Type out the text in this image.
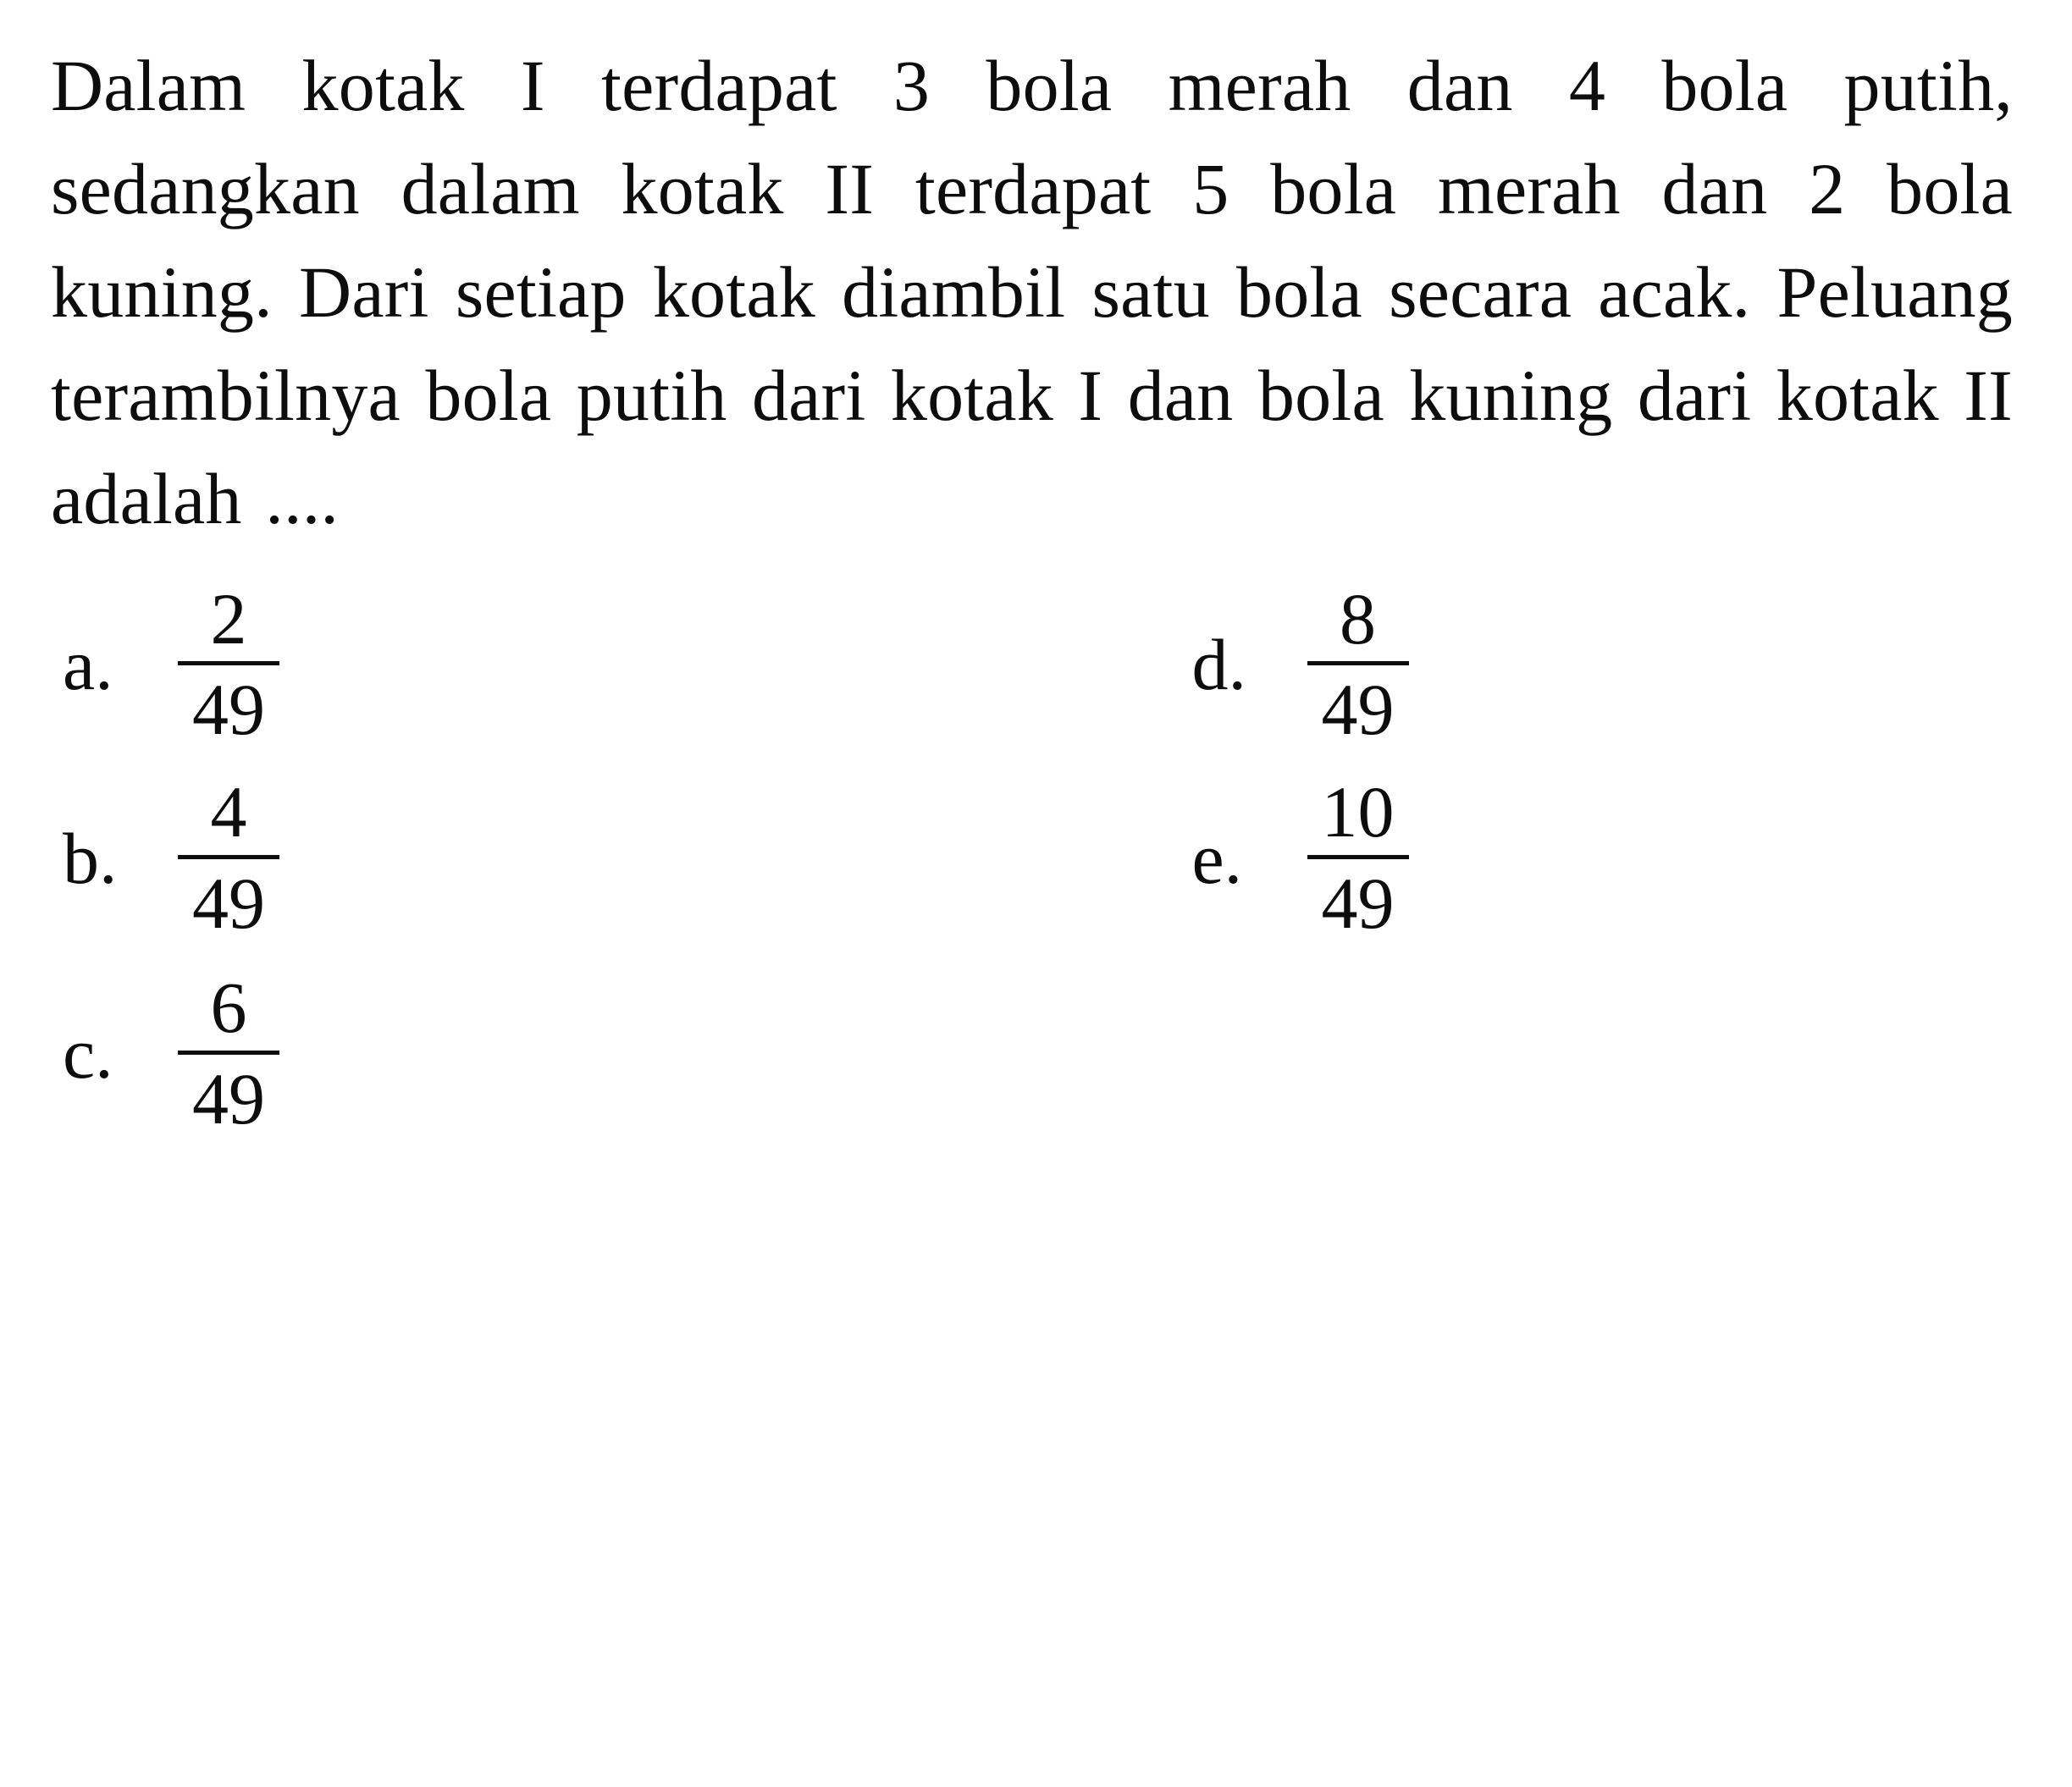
Dalam kotak I terdapat 3 bola merah dan 4 bola putih, sedangkan dalam kotak II terdapat 5 bola merah dan 2 bola kuning. Dari setiap kotak diambil satu bola secara acak. Peluang terambilnya bola putih dari kotak I dan bola kuning dari kotak II adalah ....

a.
2
49
d.
8
49
b.
4
49
e.
10
49
c.
6
49
